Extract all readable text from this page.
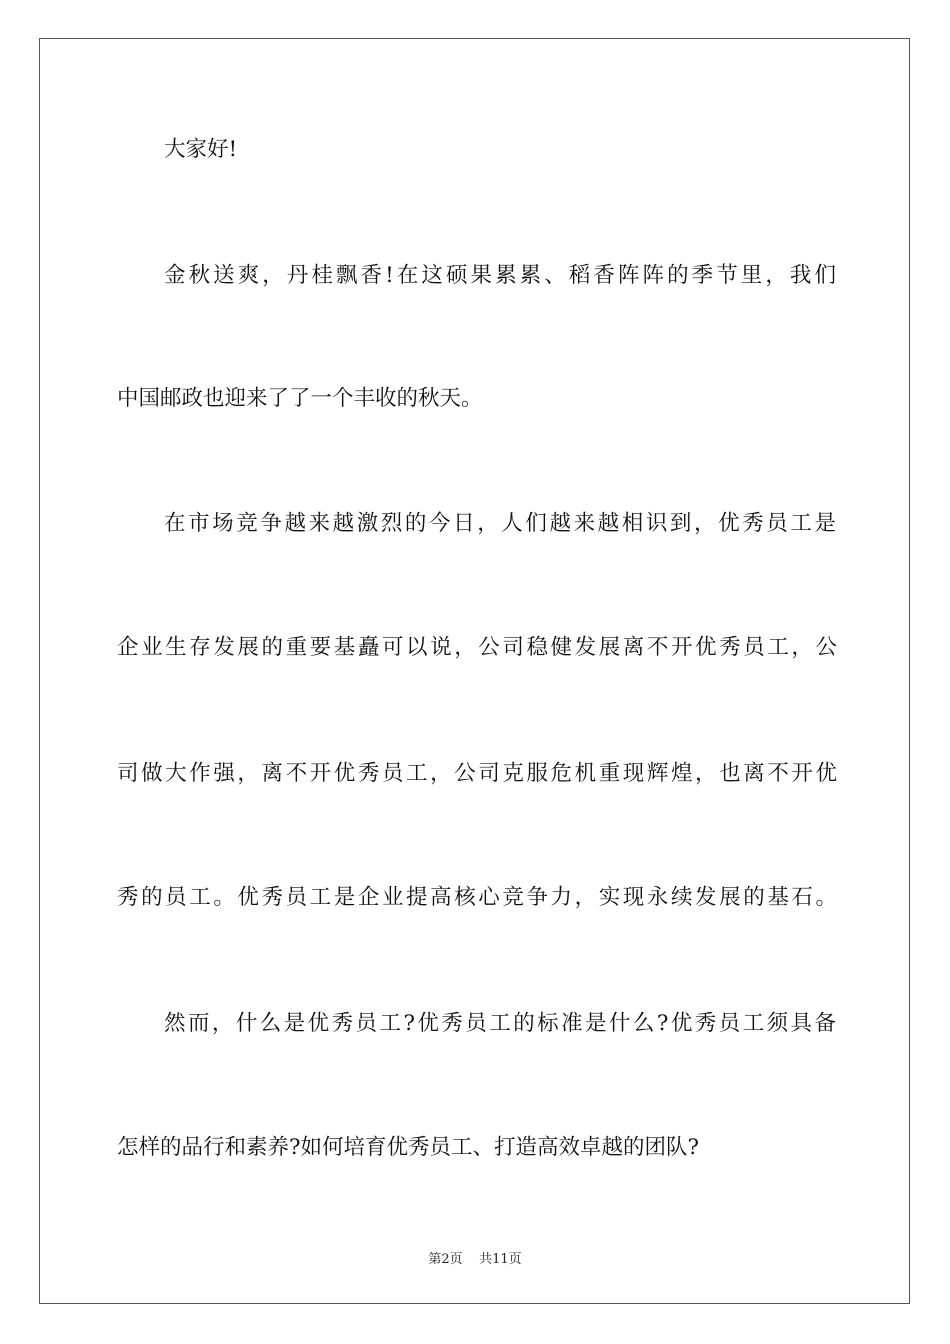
大家好!
金秋送爽，丹桂飘香!在这硕果累累、稻香阵阵的季节里，我们
中国邮政也迎来了了一个丰收的秋天。
在市场竞争越来越激烈的今日，人们越来越相识到，优秀员工是
企业生存发展的重要基矗可以说，公司稳健发展离不开优秀员工，公
司做大作强，离不开优秀员工，公司克服危机重现辉煌，也离不开优
秀的员工。优秀员工是企业提高核心竞争力，实现永续发展的基石。
然而，什么是优秀员工?优秀员工的标准是什么?优秀员工须具备
怎样的品行和素养?如何培育优秀员工、打造高效卓越的团队?
第2页 共11页
